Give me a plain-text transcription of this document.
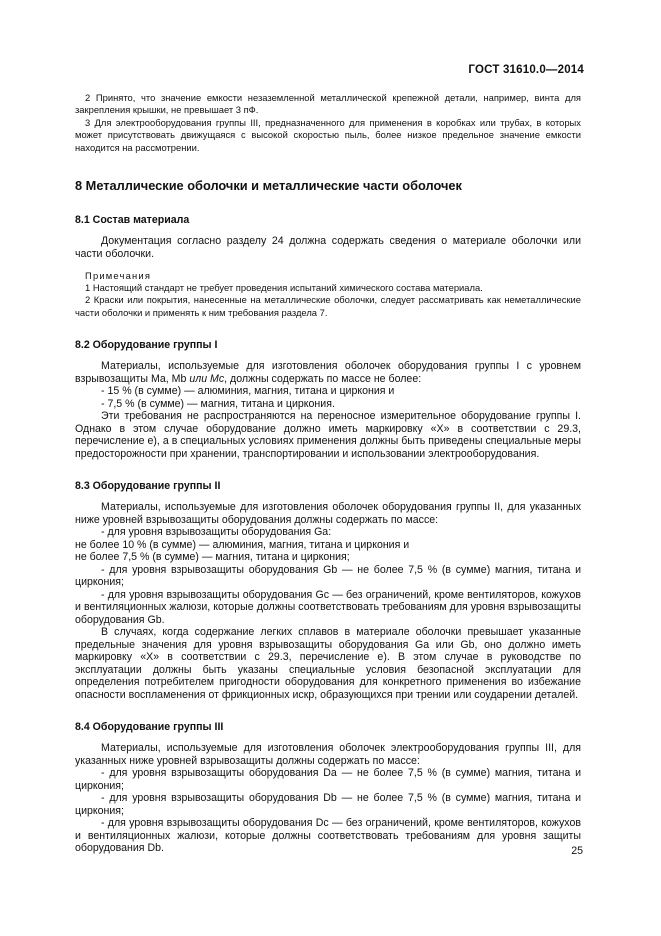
ГОСТ 31610.0—2014

2 Принято, что значение емкости незаземленной металлической крепежной детали, например, винта для закрепления крышки, не превышает 3 пФ.

3 Для электрооборудования группы III, предназначенного для применения в коробках или трубах, в которых может присутствовать движущаяся с высокой скоростью пыль, более низкое предельное значение емкости находится на рассмотрении.

8 Металлические оболочки и металлические части оболочек
8.1 Состав материала

Документация согласно разделу 24 должна содержать сведения о материале оболочки или части оболочки.

Примечания

1 Настоящий стандарт не требует проведения испытаний химического состава материала.

2 Краски или покрытия, нанесенные на металлические оболочки, следует рассматривать как неметаллические части оболочки и применять к ним требования раздела 7.

8.2 Оборудование группы I

Материалы, используемые для изготовления оболочек оборудования группы I с уровнем взрывозащиты Ма, Mb или Мс, должны содержать по массе не более:

- 15 % (в сумме) — алюминия, магния, титана и циркония и

- 7,5 % (в сумме) — магния, титана и циркония.

Эти требования не распространяются на переносное измерительное оборудование группы I. Однако в этом случае оборудование должно иметь маркировку «Х» в соответствии с 29.3, перечисление е), а в специальных условиях применения должны быть приведены специальные меры предосторожности при хранении, транспортировании и использовании электрооборудования.

8.3 Оборудование группы II

Материалы, используемые для изготовления оболочек оборудования группы II, для указанных ниже уровней взрывозащиты оборудования должны содержать по массе:

- для уровня взрывозащиты оборудования Ga:

не более 10 % (в сумме) — алюминия, магния, титана и циркония и

не более 7,5 % (в сумме) — магния, титана и циркония;

- для уровня взрывозащиты оборудования Gb — не более 7,5 % (в сумме) магния, титана и циркония;

- для уровня взрывозащиты оборудования Gc — без ограничений, кроме вентиляторов, кожухов и вентиляционных жалюзи, которые должны соответствовать требованиям для уровня взрывозащиты оборудования Gb.

В случаях, когда содержание легких сплавов в материале оболочки превышает указанные предельные значения для уровня взрывозащиты оборудования Ga или Gb, оно должно иметь маркировку «Х» в соответствии с 29.3, перечисление е). В этом случае в руководстве по эксплуатации должны быть указаны специальные условия безопасной эксплуатации для определения потребителем пригодности оборудования для конкретного применения во избежание опасности воспламенения от фрикционных искр, образующихся при трении или соударении деталей.

8.4 Оборудование группы III

Материалы, используемые для изготовления оболочек электрооборудования группы III, для указанных ниже уровней взрывозащиты должны содержать по массе:

- для уровня взрывозащиты оборудования Da — не более 7,5 % (в сумме) магния, титана и циркония;

- для уровня взрывозащиты оборудования Db — не более 7,5 % (в сумме) магния, титана и циркония;

- для уровня взрывозащиты оборудования Dc — без ограничений, кроме вентиляторов, кожухов и вентиляционных жалюзи, которые должны соответствовать требованиям для уровня защиты оборудования Db.	25
